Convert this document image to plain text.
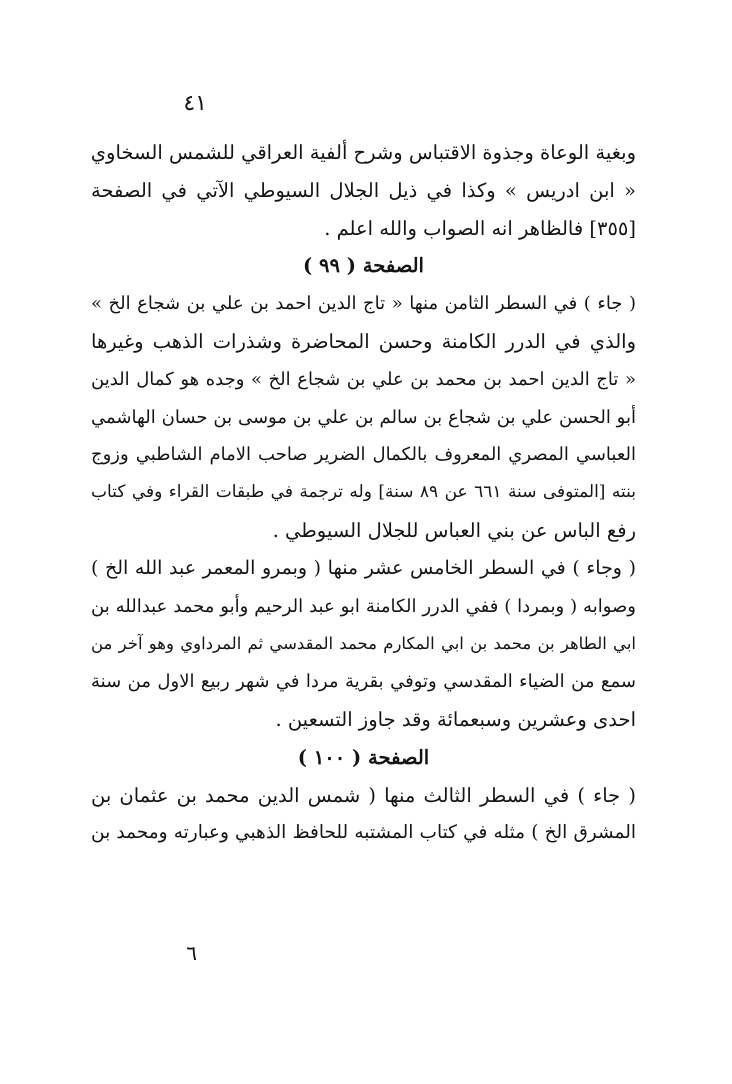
٤١

وبغية الوعاة وجذوة الاقتباس وشرح ألفية العراقي للشمس السخاوي
« ابن ادريس » وكذا في ذيل الجلال السيوطي الآتي في الصفحة
[٣٥٥] فالظاهر انه الصواب والله اعلم .
الصفحة ( ٩٩ )
( جاء ) في السطر الثامن منها « تاج الدين احمد بن علي بن شجاع الخ »
والذي في الدرر الكامنة وحسن المحاضرة وشذرات الذهب وغيرها
« تاج الدين احمد بن محمد بن علي بن شجاع الخ » وجده هو كمال الدين
أبو الحسن علي بن شجاع بن سالم بن علي بن موسى بن حسان الهاشمي
العباسي المصري المعروف بالكمال الضرير صاحب الامام الشاطبي وزوج
بنته [المتوفى سنة ٦٦١ عن ٨٩ سنة] وله ترجمة في طبقات القراء وفي كتاب
رفع الباس عن بني العباس للجلال السيوطي .
( وجاء ) في السطر الخامس عشر منها ( وبمرو المعمر عبد الله الخ )
وصوابه ( وبمردا ) ففي الدرر الكامنة ابو عبد الرحيم وأبو محمد عبدالله بن
ابي الطاهر بن محمد بن ابي المكارم محمد المقدسي ثم المرداوي وهو آخر من
سمع من الضياء المقدسي وتوفي بقرية مردا في شهر ربيع الاول من سنة
احدى وعشرين وسبعمائة وقد جاوز التسعين .
الصفحة ( ١٠٠ )
( جاء ) في السطر الثالث منها ( شمس الدين محمد بن عثمان بن
المشرق الخ ) مثله في كتاب المشتبه للحافظ الذهبي وعبارته ومحمد بن

٦
